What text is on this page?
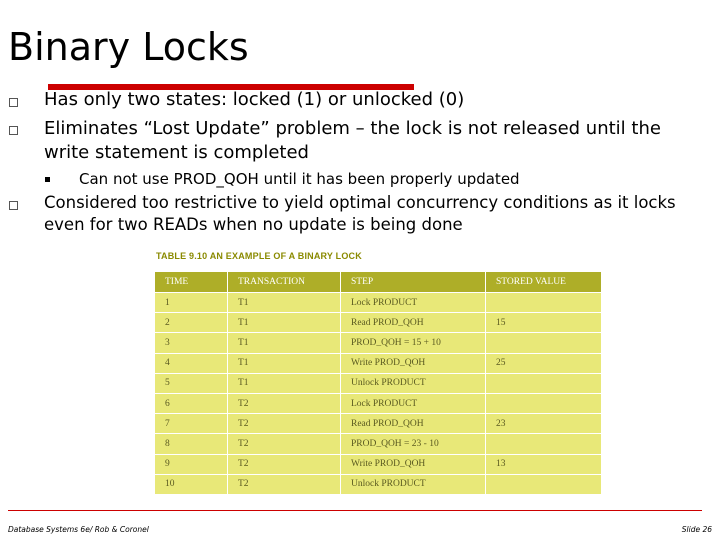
Binary Locks
Has only two states: locked (1) or unlocked (0)
Eliminates “Lost Update” problem – the lock is not released until the write statement is completed
Can not use PROD_QOH until it has been properly updated
Considered too restrictive to yield optimal concurrency conditions as it locks even for two READs when no update is being done
TABLE 9.10 AN EXAMPLE OF A BINARY LOCK
TIME	TRANSACTION	STEP	STORED VALUE
1	T1	Lock PRODUCT	
2	T1	Read PROD_QOH	15
3	T1	PROD_QOH = 15 + 10	
4	T1	Write PROD_QOH	25
5	T1	Unlock PRODUCT	
6	T2	Lock PRODUCT	
7	T2	Read PROD_QOH	23
8	T2	PROD_QOH = 23 - 10	
9	T2	Write PROD_QOH	13
10	T2	Unlock PRODUCT	
Database Systems 6e/ Rob & Coronel	Slide 26
